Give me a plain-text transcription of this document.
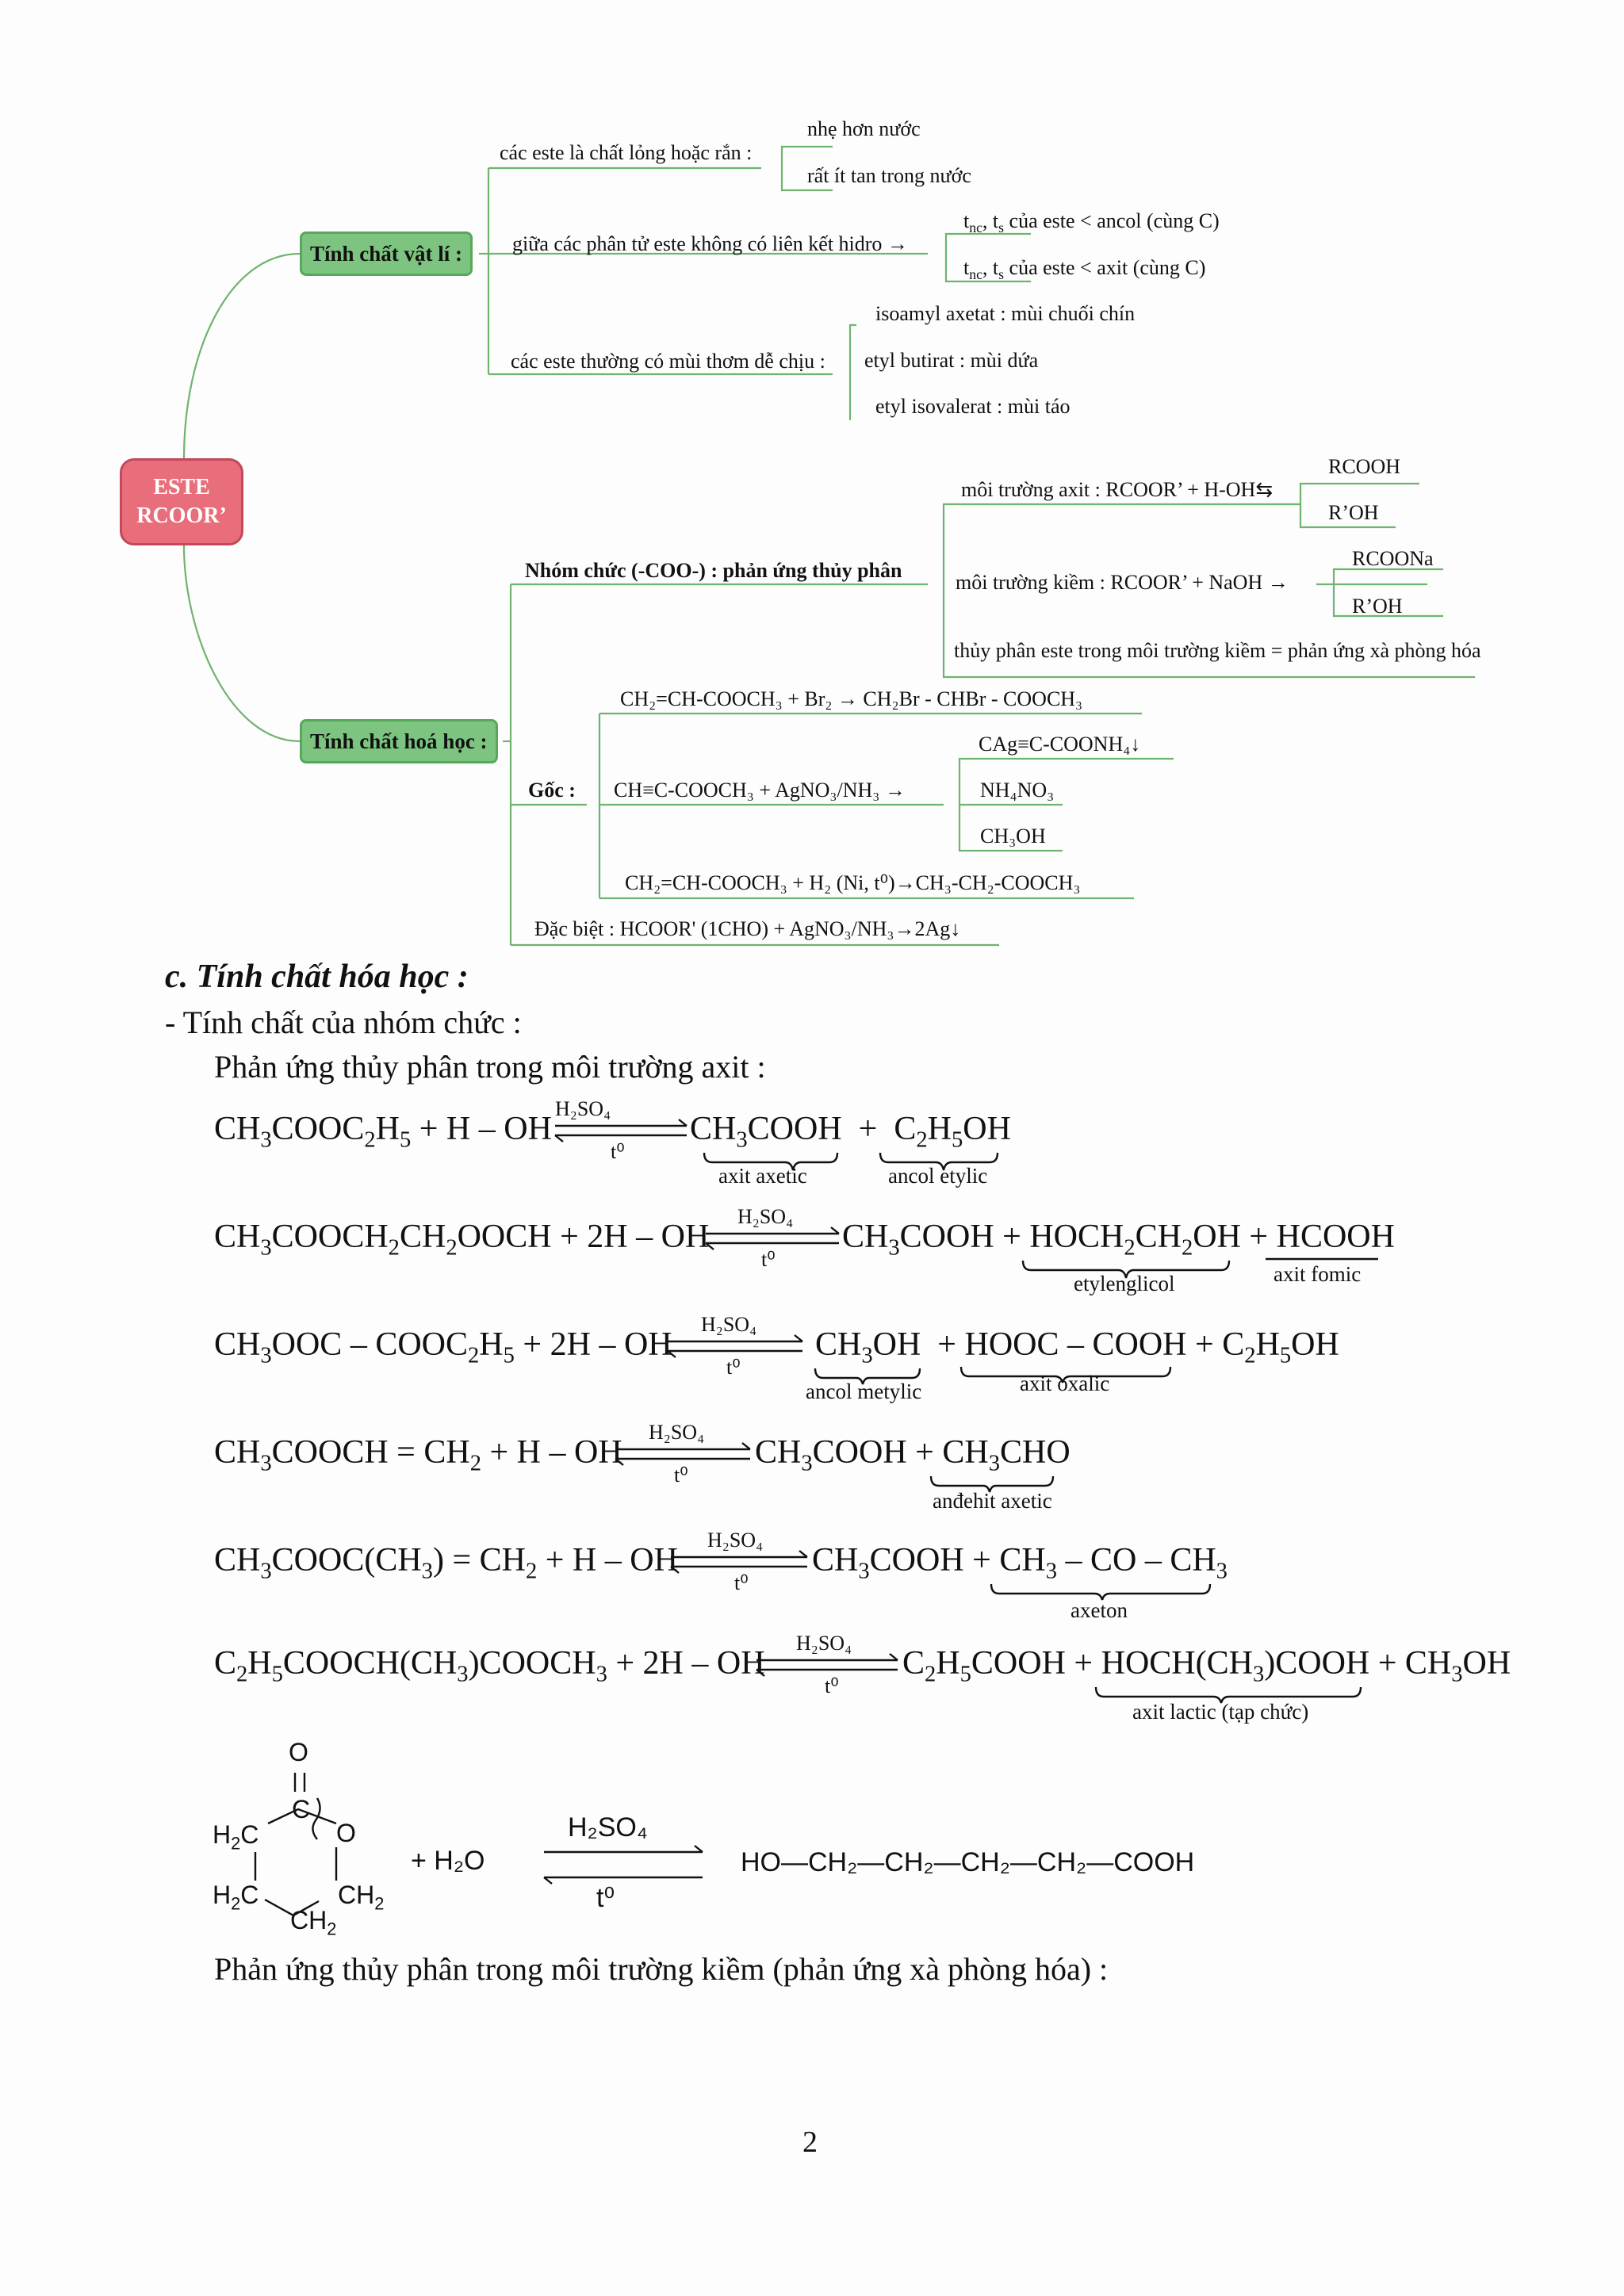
ESTE
RCOOR’
Tính chất vật lí :
Tính chất hoá học :
các este là chất lỏng hoặc rắn :
nhẹ hơn nước
rất ít tan trong nước
giữa các phân tử este không có liên kết hidro →
$t_{nc}$, $t_s$ của este < ancol (cùng C)
$t_{nc}$, $t_s$ của este < axit (cùng C)
các este thường có mùi thơm dễ chịu :
isoamyl axetat : mùi chuối chín
etyl butirat : mùi dứa
etyl isovalerat : mùi táo
Nhóm chức (-COO-) : phản ứng thủy phân
môi trường axit : RCOOR’ + H-OH⇆
RCOOH
R’OH
môi trường kiềm : RCOOR’ + NaOH →
RCOONa
R’OH
thủy phân este trong môi trường kiềm = phản ứng xà phòng hóa
Gốc :
CH₂=CH-COOCH₃ + Br₂ → CH₂Br - CHBr - COOCH₃
CH≡C-COOCH₃ + AgNO₃/NH₃ →
CAg≡C-COONH₄↓
NH₄NO₃
CH₃OH
CH₂=CH-COOCH₃ + H₂ (Ni, t⁰)→CH₃-CH₂-COOCH₃
Đặc biệt : HCOOR' (1CHO) + AgNO₃/NH₃→2Ag↓
c. Tính chất hóa học :
- Tính chất của nhóm chức :
Phản ứng thủy phân trong môi trường axit :
$CH_3COOC_2H_5 + H$ – OH
H₂SO₄
t⁰
$CH_3COOH + C_2H_5OH$
axit axetic	ancol etylic
$CH_3COOCH_2CH_2OOCH + 2H$ – OH
H₂SO₄
t⁰
$CH_3COOH$ + $HOCH_2CH_2OH$ + HCOOH
etylenglicol	axit fomic
$CH_3OOC$ – $COOC_2H_5 + 2H$ – OH
H₂SO₄
t⁰
$CH_3OH$  + HOOC – COOH + $C_2H_5OH$
ancol metylic	axit oxalic
$CH_3COOCH = CH_2 + H$ – OH
H₂SO₄
t⁰
$CH_3COOH + CH_3CHO$
anđehit axetic
$CH_3COOC(CH_3) = CH_2 + H$ – OH
H₂SO₄
t⁰
$CH_3COOH + CH_3$ – CO – $CH_3$
axeton
$C_2H_5COOCH(CH_3)COOCH_3 + 2H$ – OH
H₂SO₄
t⁰
$C_2H_5COOH$ + $HOCH(CH_3)COOH + CH_3OH$
axit lactic (tạp chức)
O
$H_2C$
C
O
$H_2C$	$CH_2$
$CH_2$
+ H₂O
H₂SO₄
t⁰
HO—CH₂—CH₂—CH₂—CH₂—COOH
Phản ứng thủy phân trong môi trường kiềm (phản ứng xà phòng hóa) :
2
